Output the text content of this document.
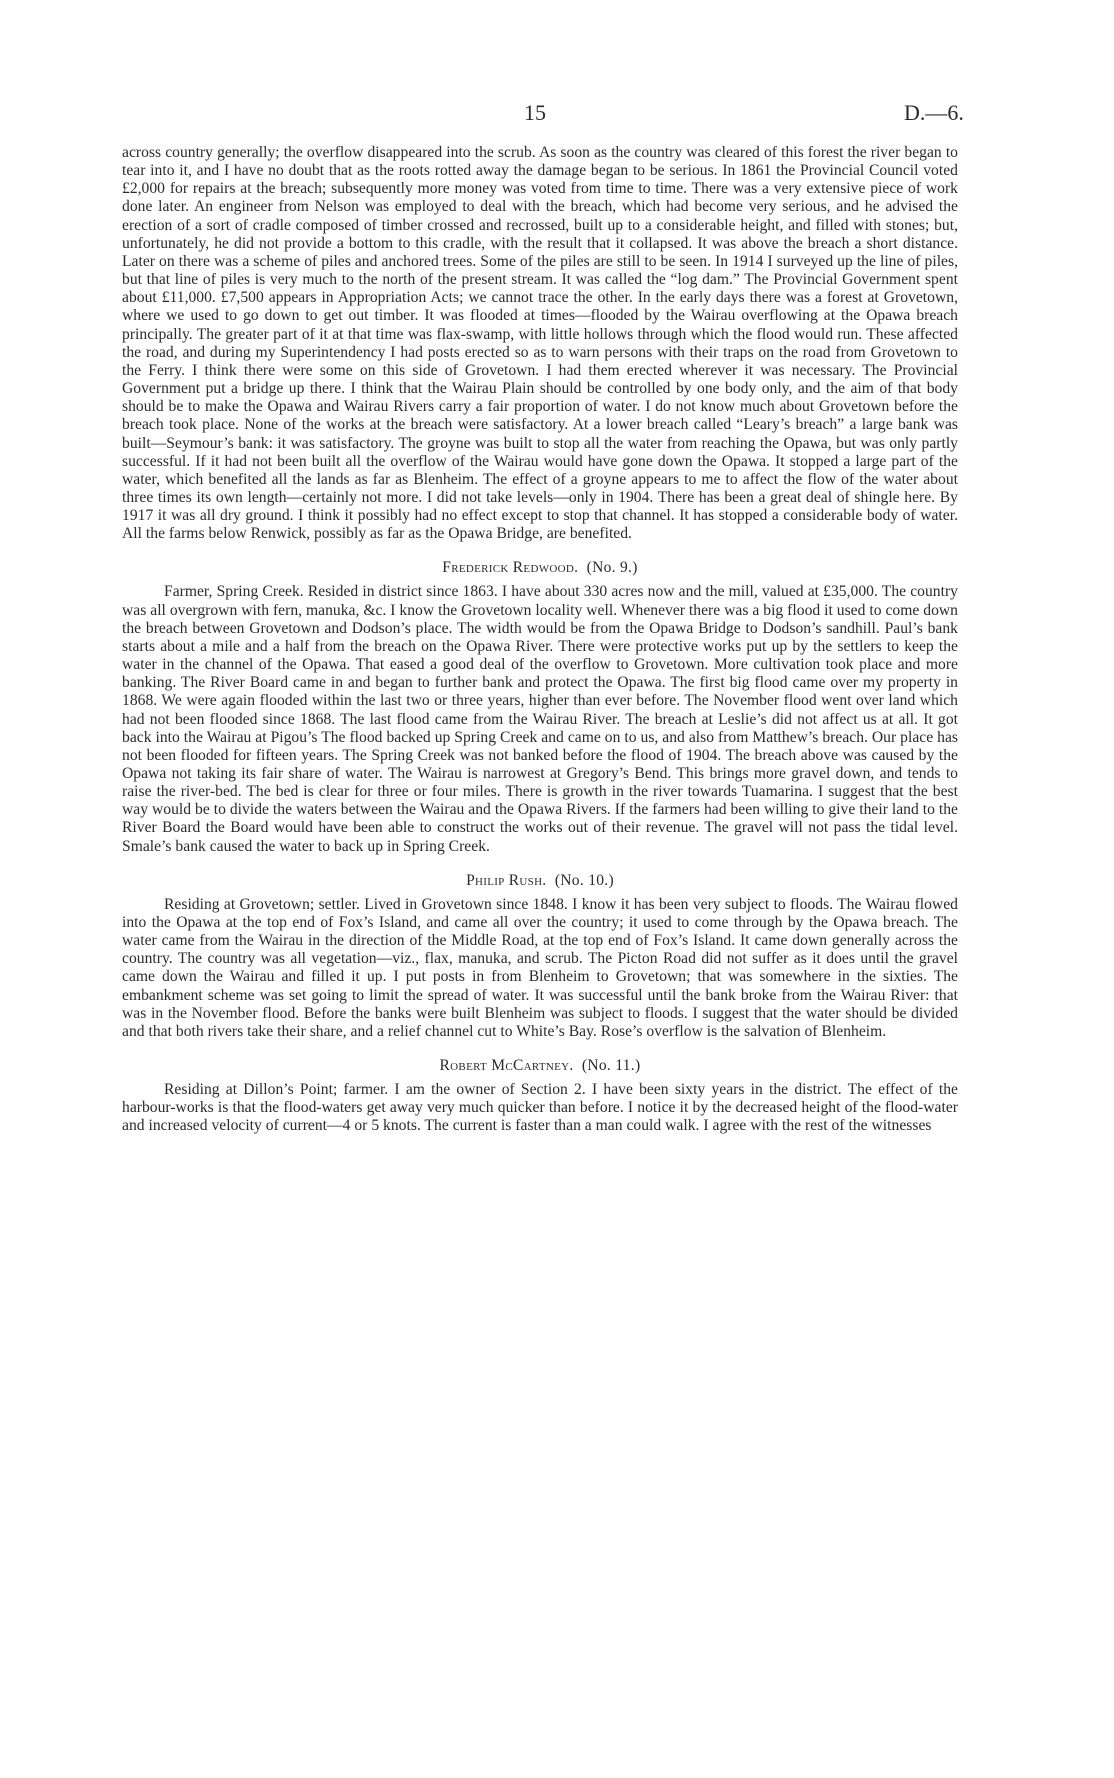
15	D.—6.

across country generally; the overflow disappeared into the scrub. As soon as the country was cleared of this forest the river began to tear into it, and I have no doubt that as the roots rotted away the damage began to be serious. In 1861 the Provincial Council voted £2,000 for repairs at the breach; subsequently more money was voted from time to time. There was a very extensive piece of work done later. An engineer from Nelson was employed to deal with the breach, which had become very serious, and he advised the erection of a sort of cradle composed of timber crossed and recrossed, built up to a considerable height, and filled with stones; but, unfortunately, he did not provide a bottom to this cradle, with the result that it collapsed. It was above the breach a short distance. Later on there was a scheme of piles and anchored trees. Some of the piles are still to be seen. In 1914 I surveyed up the line of piles, but that line of piles is very much to the north of the present stream. It was called the “log dam.” The Provincial Government spent about £11,000. £7,500 appears in Appropriation Acts; we cannot trace the other. In the early days there was a forest at Grovetown, where we used to go down to get out timber. It was flooded at times—flooded by the Wairau overflowing at the Opawa breach principally. The greater part of it at that time was flax-swamp, with little hollows through which the flood would run. These affected the road, and during my Superintendency I had posts erected so as to warn persons with their traps on the road from Grovetown to the Ferry. I think there were some on this side of Grovetown. I had them erected wherever it was necessary. The Provincial Government put a bridge up there. I think that the Wairau Plain should be controlled by one body only, and the aim of that body should be to make the Opawa and Wairau Rivers carry a fair proportion of water. I do not know much about Grovetown before the breach took place. None of the works at the breach were satisfactory. At a lower breach called “Leary’s breach” a large bank was built—Seymour’s bank: it was satisfactory. The groyne was built to stop all the water from reaching the Opawa, but was only partly successful. If it had not been built all the overflow of the Wairau would have gone down the Opawa. It stopped a large part of the water, which benefited all the lands as far as Blenheim. The effect of a groyne appears to me to affect the flow of the water about three times its own length—certainly not more. I did not take levels—only in 1904. There has been a great deal of shingle here. By 1917 it was all dry ground. I think it possibly had no effect except to stop that channel. It has stopped a considerable body of water. All the farms below Renwick, possibly as far as the Opawa Bridge, are benefited.

Frederick Redwood. (No. 9.)

Farmer, Spring Creek. Resided in district since 1863. I have about 330 acres now and the mill, valued at £35,000. The country was all overgrown with fern, manuka, &c. I know the Grovetown locality well. Whenever there was a big flood it used to come down the breach between Grovetown and Dodson’s place. The width would be from the Opawa Bridge to Dodson’s sandhill. Paul’s bank starts about a mile and a half from the breach on the Opawa River. There were protective works put up by the settlers to keep the water in the channel of the Opawa. That eased a good deal of the overflow to Grovetown. More cultivation took place and more banking. The River Board came in and began to further bank and protect the Opawa. The first big flood came over my property in 1868. We were again flooded within the last two or three years, higher than ever before. The November flood went over land which had not been flooded since 1868. The last flood came from the Wairau River. The breach at Leslie’s did not affect us at all. It got back into the Wairau at Pigou’s The flood backed up Spring Creek and came on to us, and also from Matthew’s breach. Our place has not been flooded for fifteen years. The Spring Creek was not banked before the flood of 1904. The breach above was caused by the Opawa not taking its fair share of water. The Wairau is narrowest at Gregory’s Bend. This brings more gravel down, and tends to raise the river-bed. The bed is clear for three or four miles. There is growth in the river towards Tuamarina. I suggest that the best way would be to divide the waters between the Wairau and the Opawa Rivers. If the farmers had been willing to give their land to the River Board the Board would have been able to construct the works out of their revenue. The gravel will not pass the tidal level. Smale’s bank caused the water to back up in Spring Creek.

Philip Rush. (No. 10.)

Residing at Grovetown; settler. Lived in Grovetown since 1848. I know it has been very subject to floods. The Wairau flowed into the Opawa at the top end of Fox’s Island, and came all over the country; it used to come through by the Opawa breach. The water came from the Wairau in the direction of the Middle Road, at the top end of Fox’s Island. It came down generally across the country. The country was all vegetation—viz., flax, manuka, and scrub. The Picton Road did not suffer as it does until the gravel came down the Wairau and filled it up. I put posts in from Blenheim to Grovetown; that was somewhere in the sixties. The embankment scheme was set going to limit the spread of water. It was successful until the bank broke from the Wairau River: that was in the November flood. Before the banks were built Blenheim was subject to floods. I suggest that the water should be divided and that both rivers take their share, and a relief channel cut to White’s Bay. Rose’s overflow is the salvation of Blenheim.

Robert McCartney. (No. 11.)

Residing at Dillon’s Point; farmer. I am the owner of Section 2. I have been sixty years in the district. The effect of the harbour-works is that the flood-waters get away very much quicker than before. I notice it by the decreased height of the flood-water and increased velocity of current—4 or 5 knots. The current is faster than a man could walk. I agree with the rest of the witnesses
